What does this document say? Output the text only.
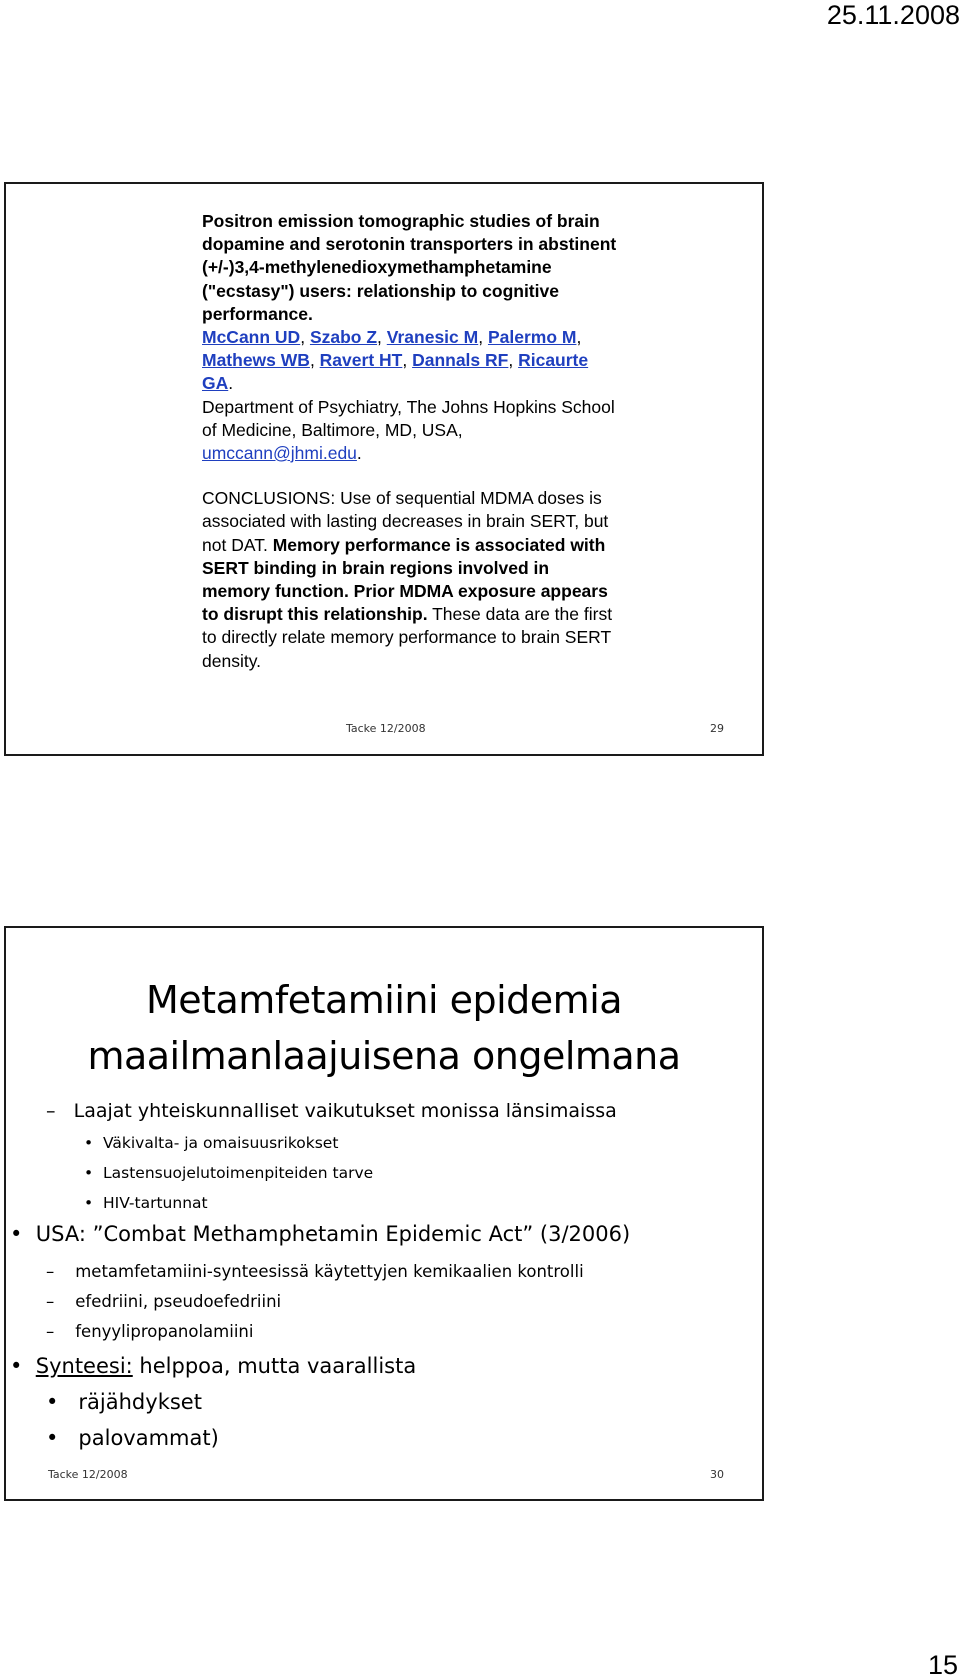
25.11.2008

Positron emission tomographic studies of brain dopamine and serotonin transporters in abstinent (+/-)3,4-methylenedioxymethamphetamine ("ecstasy") users: relationship to cognitive performance.

McCann UD, Szabo Z, Vranesic M, Palermo M, Mathews WB, Ravert HT, Dannals RF, Ricaurte GA.

Department of Psychiatry, The Johns Hopkins School of Medicine, Baltimore, MD, USA, umccann@jhmi.edu.

CONCLUSIONS: Use of sequential MDMA doses is associated with lasting decreases in brain SERT, but not DAT. Memory performance is associated with SERT binding in brain regions involved in memory function. Prior MDMA exposure appears to disrupt this relationship. These data are the first to directly relate memory performance to brain SERT density.

Tacke 12/2008	29
Metamfetamiini epidemia
maailmanlaajuisena ongelmana
–   Laajat yhteiskunnalliset vaikutukset monissa länsimaissa
•  Väkivalta- ja omaisuusrikokset
•  Lastensuojelutoimenpiteiden tarve
•  HIV-tartunnat
•  USA: ”Combat Methamphetamin Epidemic Act” (3/2006)
–    metamfetamiini-synteesissä käytettyjen kemikaalien kontrolli
–    efedriini, pseudoefedriini
–    fenyylipropanolamiini
•  Synteesi: helppoa, mutta vaarallista
•   räjähdykset
•   palovammat)
Tacke 12/2008	30
15
